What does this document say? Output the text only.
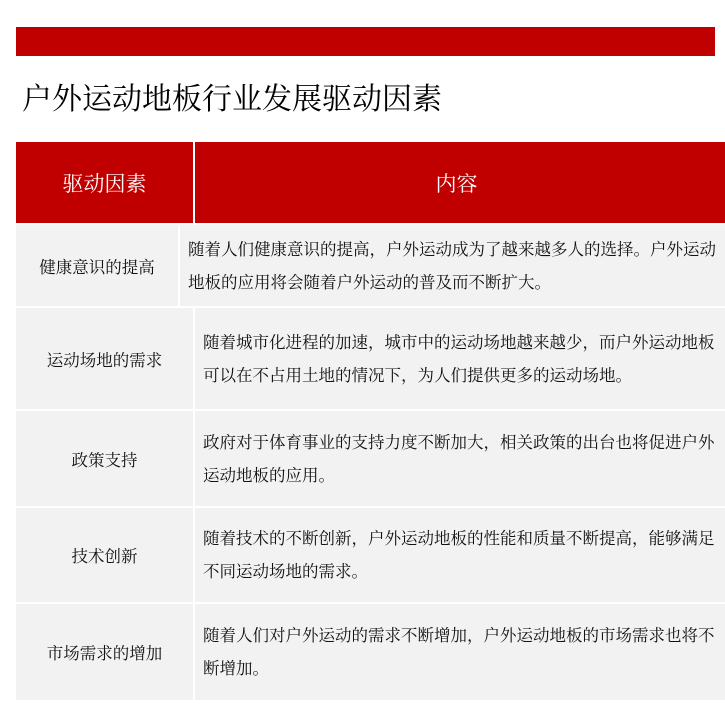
户外运动地板行业发展驱动因素
驱动因素	内容
健康意识的提高
随着人们健康意识的提高，户外运动成为了越来越多人的选择。户外运动地板的应用将会随着户外运动的普及而不断扩大。
运动场地的需求
随着城市化进程的加速，城市中的运动场地越来越少，而户外运动地板可以在不占用土地的情况下，为人们提供更多的运动场地。
政策支持
政府对于体育事业的支持力度不断加大，相关政策的出台也将促进户外运动地板的应用。
技术创新
随着技术的不断创新，户外运动地板的性能和质量不断提高，能够满足不同运动场地的需求。
市场需求的增加
随着人们对户外运动的需求不断增加，户外运动地板的市场需求也将不断增加。
